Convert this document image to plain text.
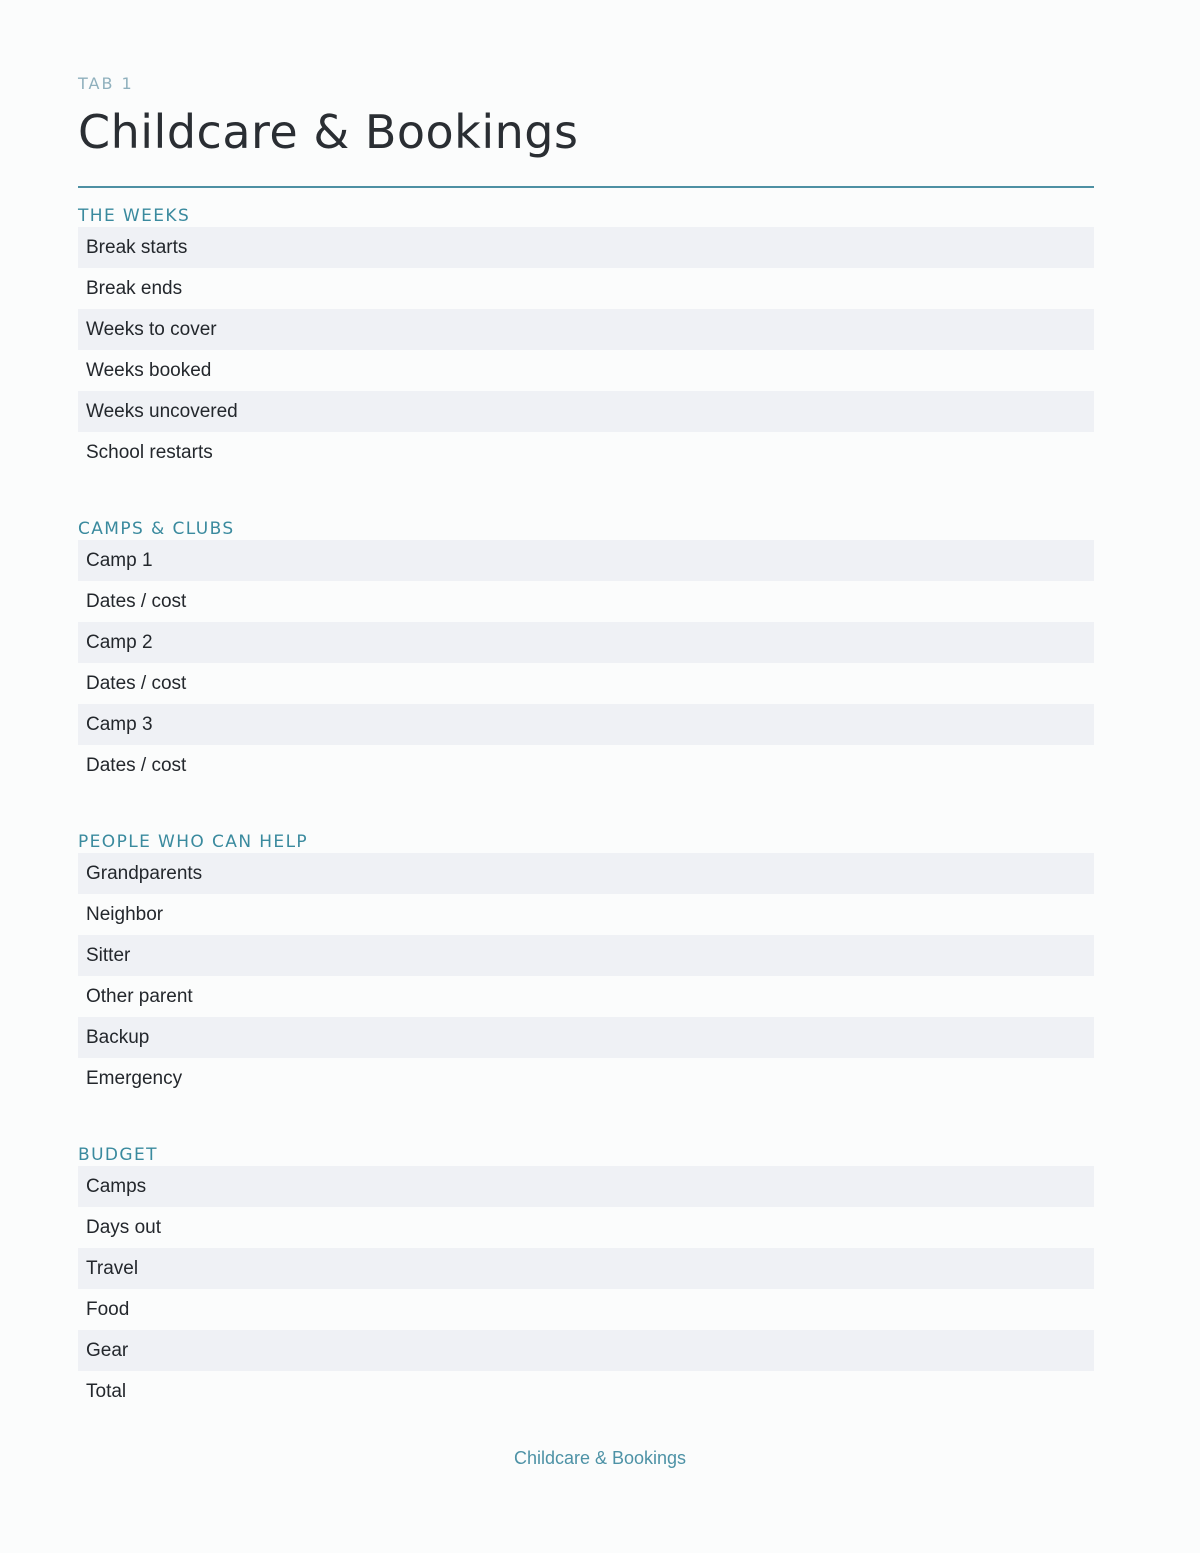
TAB 1
Childcare & Bookings
THE WEEKS
Break starts
Break ends
Weeks to cover
Weeks booked
Weeks uncovered
School restarts
CAMPS & CLUBS
Camp 1
Dates / cost
Camp 2
Dates / cost
Camp 3
Dates / cost
PEOPLE WHO CAN HELP
Grandparents
Neighbor
Sitter
Other parent
Backup
Emergency
BUDGET
Camps
Days out
Travel
Food
Gear
Total
Childcare & Bookings
